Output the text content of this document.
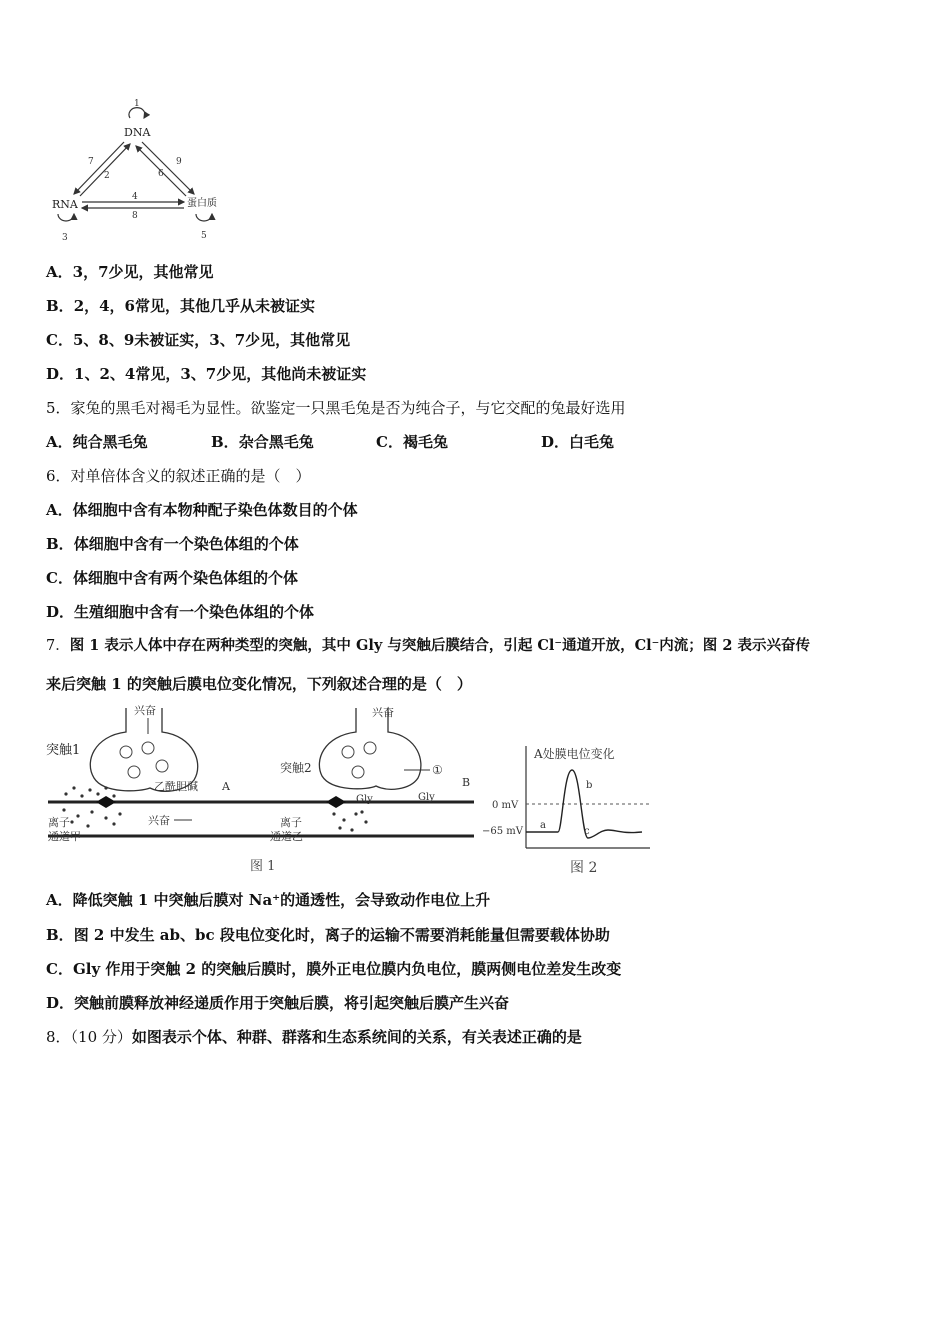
1
DNA
RNA	蛋白质
7
2
9
6
4
8
3	5
A．3，7少见，其他常见
B．2，4，6常见，其他几乎从未被证实
C．5、8、9未被证实，3、7少见，其他常见
D．1、2、4常见，3、7少见，其他尚未被证实
5．家兔的黑毛对褐毛为显性。欲鉴定一只黑毛兔是否为纯合子，与它交配的兔最好选用
A．纯合黑毛兔	B．杂合黑毛兔	C．褐毛兔	D．白毛兔
6．对单倍体含义的叙述正确的是（　）
A．体细胞中含有本物种配子染色体数目的个体
B．体细胞中含有一个染色体组的个体
C．体细胞中含有两个染色体组的个体
D．生殖细胞中含有一个染色体组的个体
7．图 1 表示人体中存在两种类型的突触，其中 Gly 与突触后膜结合，引起 Cl⁻通道开放，Cl⁻内流；图 2 表示兴奋传
来后突触 1 的突触后膜电位变化情况，下列叙述合理的是（　）
突触1
兴奋
乙酰胆碱
离子
通道甲
兴奋
A
突触2
兴奋
①
Gly	Gly
离子
通道乙
B
图 1
A处膜电位变化
0 mV
−65 mV
a
b
c
图 2
A．降低突触 1 中突触后膜对 Na⁺的通透性，会导致动作电位上升
B．图 2 中发生 ab、bc 段电位变化时，离子的运输不需要消耗能量但需要载体协助
C．Gly 作用于突触 2 的突触后膜时，膜外正电位膜内负电位，膜两侧电位差发生改变
D．突触前膜释放神经递质作用于突触后膜，将引起突触后膜产生兴奋
8．（10 分）如图表示个体、种群、群落和生态系统间的关系，有关表述正确的是
